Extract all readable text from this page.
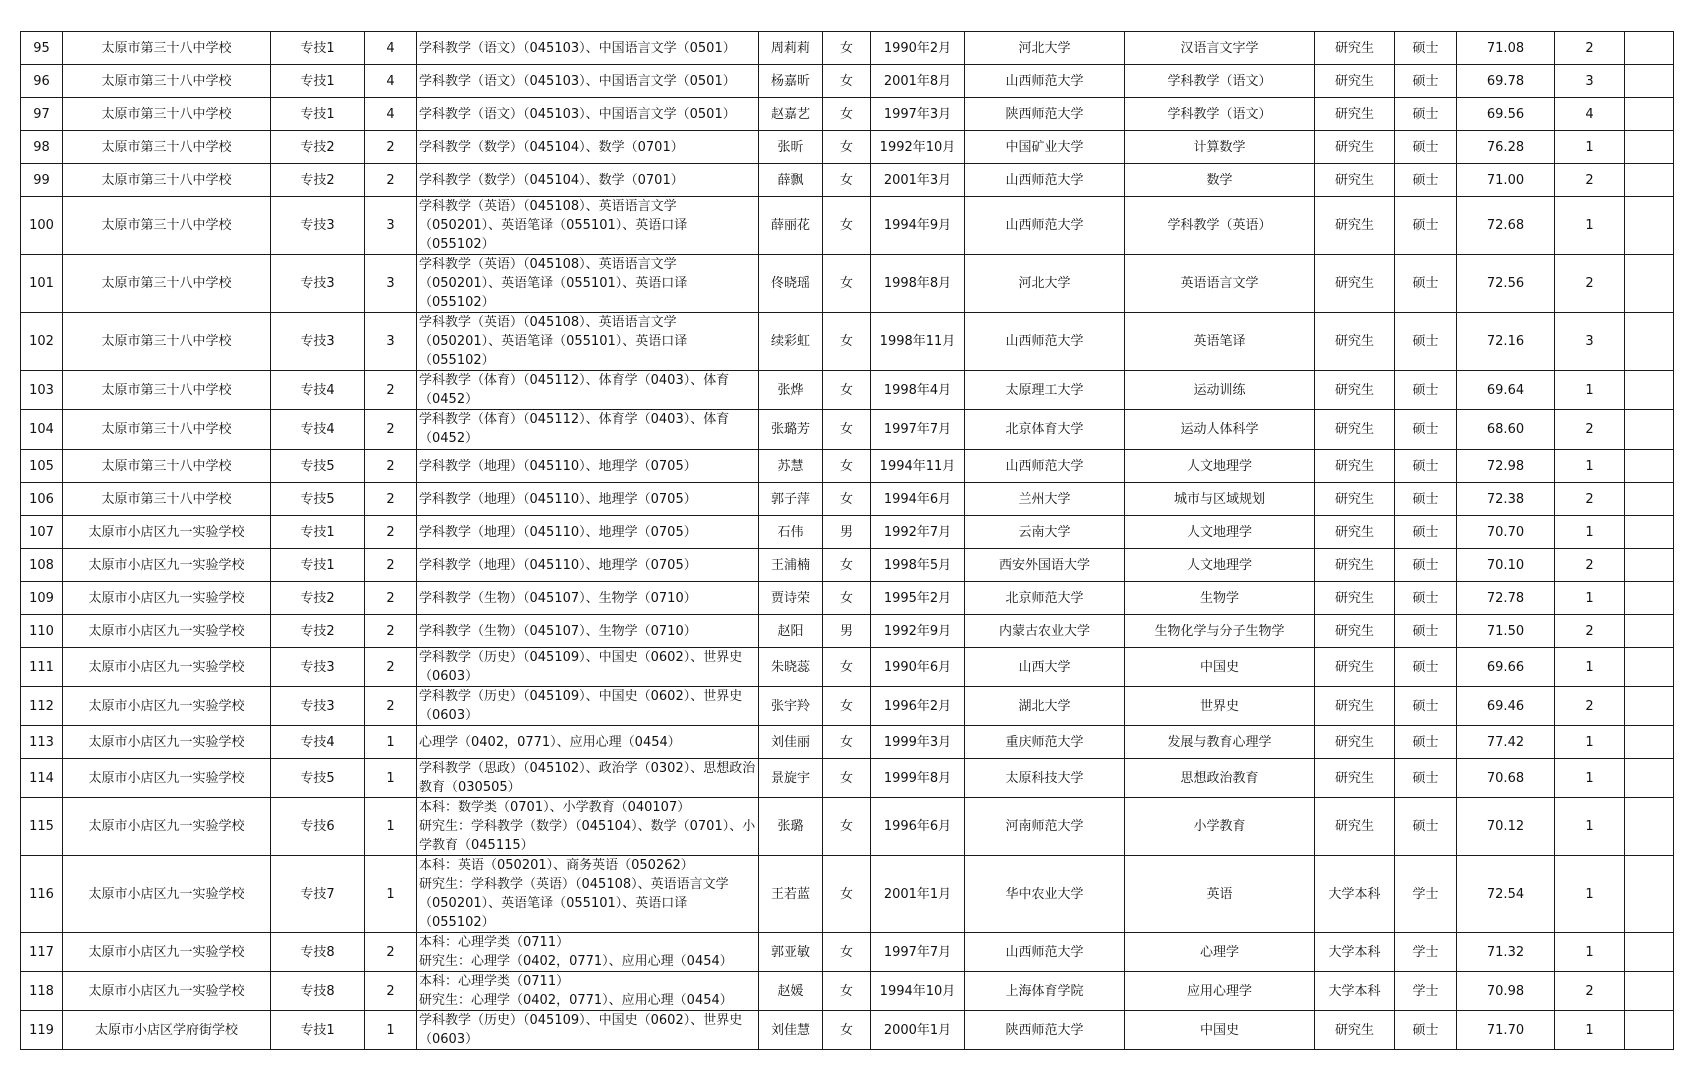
95	太原市第三十八中学校	专技1	4	学科教学（语文）（045103）、中国语言文学（0501）	周莉莉	女	1990年2月	河北大学	汉语言文字学	研究生	硕士	71.08	2	
96	太原市第三十八中学校	专技1	4	学科教学（语文）（045103）、中国语言文学（0501）	杨嘉昕	女	2001年8月	山西师范大学	学科教学（语文）	研究生	硕士	69.78	3	
97	太原市第三十八中学校	专技1	4	学科教学（语文）（045103）、中国语言文学（0501）	赵嘉艺	女	1997年3月	陕西师范大学	学科教学（语文）	研究生	硕士	69.56	4	
98	太原市第三十八中学校	专技2	2	学科教学（数学）（045104）、数学（0701）	张昕	女	1992年10月	中国矿业大学	计算数学	研究生	硕士	76.28	1	
99	太原市第三十八中学校	专技2	2	学科教学（数学）（045104）、数学（0701）	薛飘	女	2001年3月	山西师范大学	数学	研究生	硕士	71.00	2	
100	太原市第三十八中学校	专技3	3	学科教学（英语）（045108）、英语语言文学（050201）、英语笔译（055101）、英语口译（055102）	薛丽花	女	1994年9月	山西师范大学	学科教学（英语）	研究生	硕士	72.68	1	
101	太原市第三十八中学校	专技3	3	学科教学（英语）（045108）、英语语言文学（050201）、英语笔译（055101）、英语口译（055102）	佟晓瑶	女	1998年8月	河北大学	英语语言文学	研究生	硕士	72.56	2	
102	太原市第三十八中学校	专技3	3	学科教学（英语）（045108）、英语语言文学（050201）、英语笔译（055101）、英语口译（055102）	续彩虹	女	1998年11月	山西师范大学	英语笔译	研究生	硕士	72.16	3	
103	太原市第三十八中学校	专技4	2	学科教学（体育）（045112）、体育学（0403）、体育（0452）	张烨	女	1998年4月	太原理工大学	运动训练	研究生	硕士	69.64	1	
104	太原市第三十八中学校	专技4	2	学科教学（体育）（045112）、体育学（0403）、体育（0452）	张璐芳	女	1997年7月	北京体育大学	运动人体科学	研究生	硕士	68.60	2	
105	太原市第三十八中学校	专技5	2	学科教学（地理）（045110）、地理学（0705）	苏慧	女	1994年11月	山西师范大学	人文地理学	研究生	硕士	72.98	1	
106	太原市第三十八中学校	专技5	2	学科教学（地理）（045110）、地理学（0705）	郭子萍	女	1994年6月	兰州大学	城市与区域规划	研究生	硕士	72.38	2	
107	太原市小店区九一实验学校	专技1	2	学科教学（地理）（045110）、地理学（0705）	石伟	男	1992年7月	云南大学	人文地理学	研究生	硕士	70.70	1	
108	太原市小店区九一实验学校	专技1	2	学科教学（地理）（045110）、地理学（0705）	王浦楠	女	1998年5月	西安外国语大学	人文地理学	研究生	硕士	70.10	2	
109	太原市小店区九一实验学校	专技2	2	学科教学（生物）（045107）、生物学（0710）	贾诗荣	女	1995年2月	北京师范大学	生物学	研究生	硕士	72.78	1	
110	太原市小店区九一实验学校	专技2	2	学科教学（生物）（045107）、生物学（0710）	赵阳	男	1992年9月	内蒙古农业大学	生物化学与分子生物学	研究生	硕士	71.50	2	
111	太原市小店区九一实验学校	专技3	2	学科教学（历史）（045109）、中国史（0602）、世界史（0603）	朱晓蕊	女	1990年6月	山西大学	中国史	研究生	硕士	69.66	1	
112	太原市小店区九一实验学校	专技3	2	学科教学（历史）（045109）、中国史（0602）、世界史（0603）	张宇羚	女	1996年2月	湖北大学	世界史	研究生	硕士	69.46	2	
113	太原市小店区九一实验学校	专技4	1	心理学（0402，0771）、应用心理（0454）	刘佳丽	女	1999年3月	重庆师范大学	发展与教育心理学	研究生	硕士	77.42	1	
114	太原市小店区九一实验学校	专技5	1	学科教学（思政）（045102）、政治学（0302）、思想政治教育（030505）	景旋宇	女	1999年8月	太原科技大学	思想政治教育	研究生	硕士	70.68	1	
115	太原市小店区九一实验学校	专技6	1	本科：数学类（0701）、小学教育（040107）
研究生：学科教学（数学）（045104）、数学（0701）、小学教育（045115）	张璐	女	1996年6月	河南师范大学	小学教育	研究生	硕士	70.12	1	
116	太原市小店区九一实验学校	专技7	1	本科：英语（050201）、商务英语（050262）
研究生：学科教学（英语）（045108）、英语语言文学（050201）、英语笔译（055101）、英语口译（055102）	王若蓝	女	2001年1月	华中农业大学	英语	大学本科	学士	72.54	1	
117	太原市小店区九一实验学校	专技8	2	本科：心理学类（0711）
研究生：心理学（0402，0771）、应用心理（0454）	郭亚敏	女	1997年7月	山西师范大学	心理学	大学本科	学士	71.32	1	
118	太原市小店区九一实验学校	专技8	2	本科：心理学类（0711）
研究生：心理学（0402，0771）、应用心理（0454）	赵媛	女	1994年10月	上海体育学院	应用心理学	大学本科	学士	70.98	2	
119	太原市小店区学府街学校	专技1	1	学科教学（历史）（045109）、中国史（0602）、世界史（0603）	刘佳慧	女	2000年1月	陕西师范大学	中国史	研究生	硕士	71.70	1	
